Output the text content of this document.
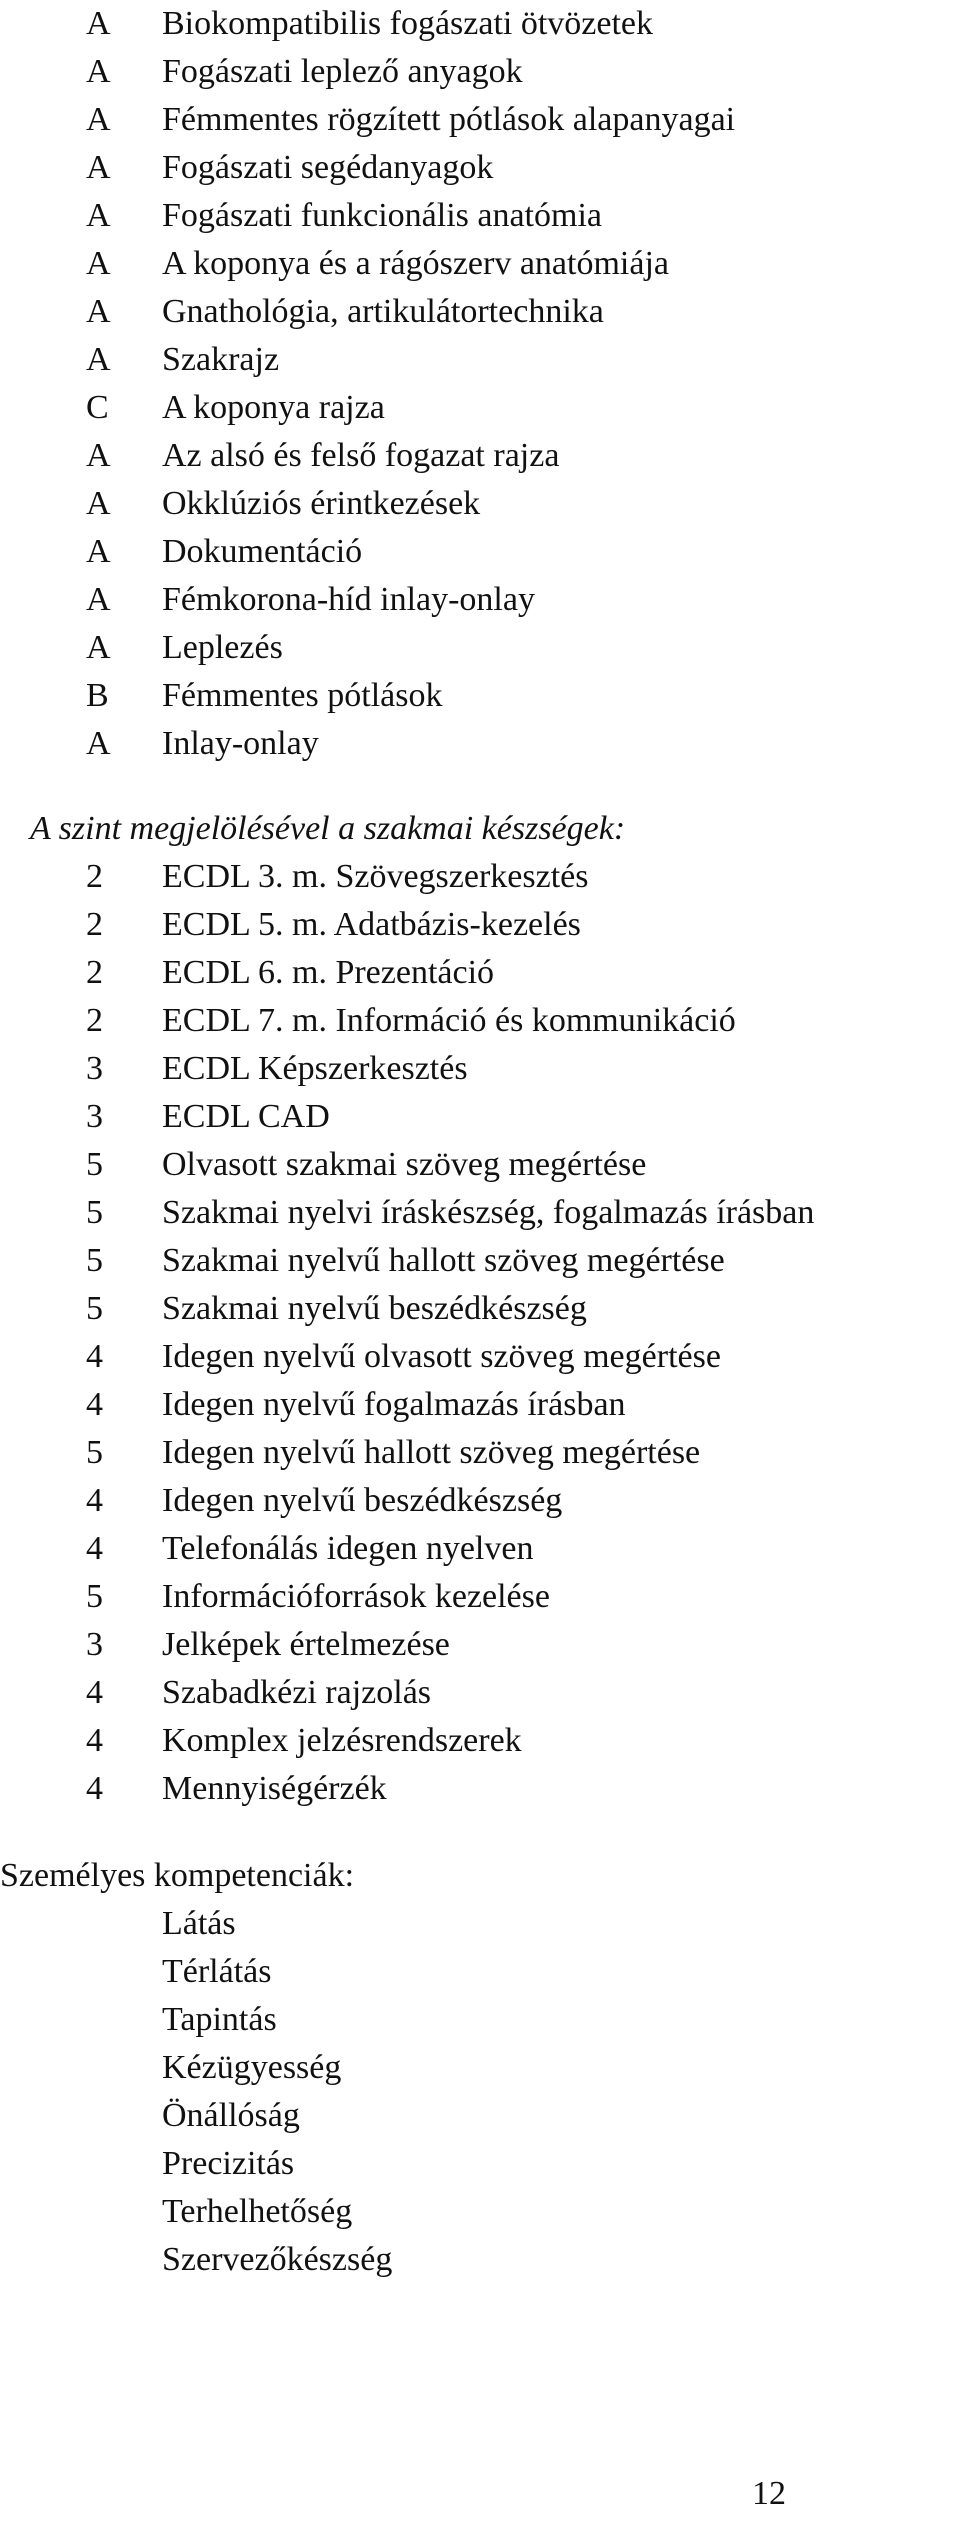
A Biokompatibilis fogászati ötvözetek
A Fogászati leplező anyagok
A Fémmentes rögzített pótlások alapanyagai
A Fogászati segédanyagok
A Fogászati funkcionális anatómia
A A koponya és a rágószerv anatómiája
A Gnathológia, artikulátortechnika
A Szakrajz
C A koponya rajza
A Az alsó és felső fogazat rajza
A Okklúziós érintkezések
A Dokumentáció
A Fémkorona-híd inlay-onlay
A Leplezés
B Fémmentes pótlások
A Inlay-onlay
A szint megjelölésével a szakmai készségek:
2 ECDL 3. m. Szövegszerkesztés
2 ECDL 5. m. Adatbázis-kezelés
2 ECDL 6. m. Prezentáció
2 ECDL 7. m. Információ és kommunikáció
3 ECDL Képszerkesztés
3 ECDL CAD
5 Olvasott szakmai szöveg megértése
5 Szakmai nyelvi íráskészség, fogalmazás írásban
5 Szakmai nyelvű hallott szöveg megértése
5 Szakmai nyelvű beszédkészség
4 Idegen nyelvű olvasott szöveg megértése
4 Idegen nyelvű fogalmazás írásban
5 Idegen nyelvű hallott szöveg megértése
4 Idegen nyelvű beszédkészség
4 Telefonálás idegen nyelven
5 Információforrások kezelése
3 Jelképek értelmezése
4 Szabadkézi rajzolás
4 Komplex jelzésrendszerek
4 Mennyiségérzék
Személyes kompetenciák:
Látás
Térlátás
Tapintás
Kézügyesség
Önállóság
Precizitás
Terhelhetőség
Szervezőkészség
12
